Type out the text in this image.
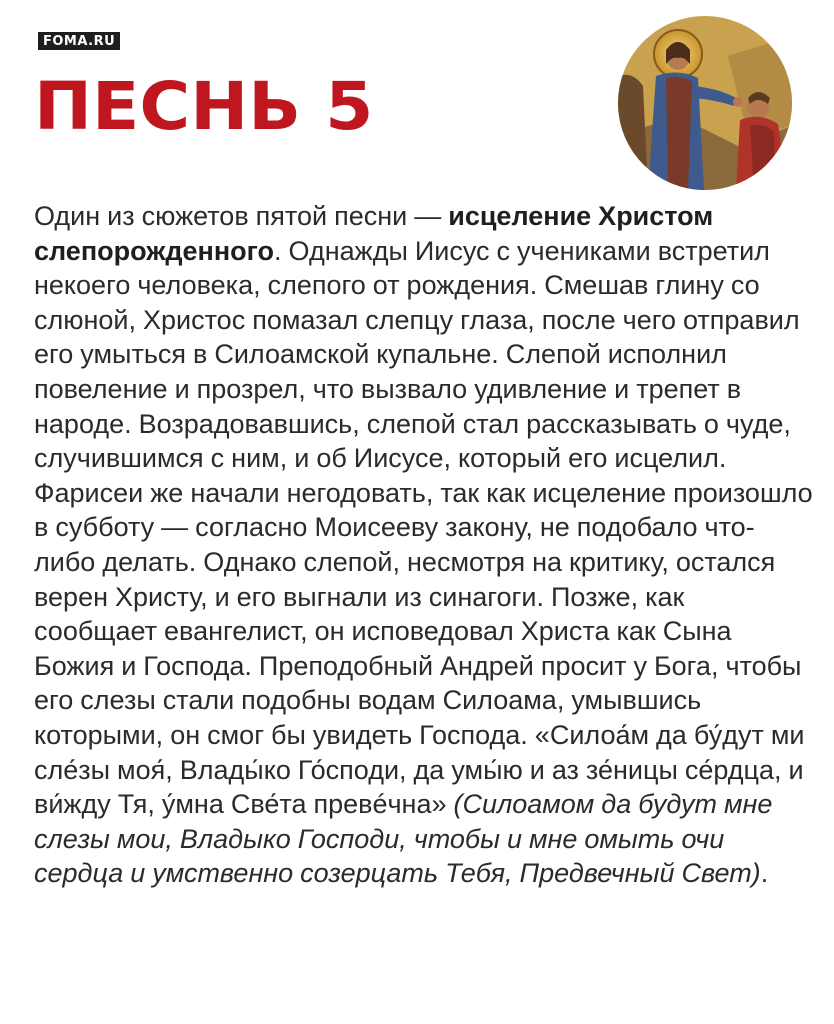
FOMA.RU
ПЕСНЬ 5

Один из сюжетов пятой песни — исцеление Христом слепорожденного. Однажды Иисус с учениками встретил некоего человека, слепого от рождения. Смешав глину со слюной, Христос помазал слепцу глаза, после чего отправил его умыться в Силоамской купальне. Слепой исполнил повеление и прозрел, что вызвало удивление и трепет в народе. Возрадовавшись, слепой стал рассказывать о чуде, случившимся с ним, и об Иисусе, который его исцелил. Фарисеи же начали негодовать, так как исцеление произошло в субботу — согласно Моисееву закону, не подобало что-либо делать. Однако слепой, несмотря на критику, остался верен Христу, и его выгнали из синагоги. Позже, как сообщает евангелист, он исповедовал Христа как Сына Божия и Господа. Преподобный Андрей просит у Бога, чтобы его слезы стали подобны водам Силоама, умывшись которыми, он смог бы увидеть Господа. «Силоа́м да бу́дут ми сле́зы моя́, Влады́ко Го́споди, да умы́ю и аз зе́ницы се́рдца, и ви́жду Тя, у́мна Све́та превéчна» (Силоамом да будут мне слезы мои, Владыко Господи, чтобы и мне омыть очи сердца и умственно созерцать Тебя, Предвечный Свет).
